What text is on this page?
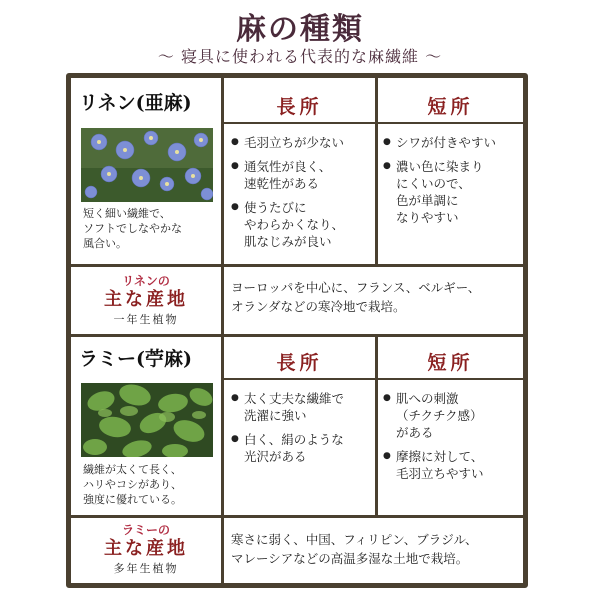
麻の種類
～ 寝具に使われる代表的な麻繊維 ～
リネン(亜麻)
短く細い繊維で、
ソフトでしなやかな
風合い。
長所	短所
● 毛羽立ちが少ない
● 通気性が良く、
速乾性がある
● 使うたびに
やわらかくなり、
肌なじみが良い
● シワが付きやすい
● 濃い色に染まり
にくいので、
色が単調に
なりやすい
リネンの
主な産地
一年生植物
ヨーロッパを中心に、フランス、ベルギー、
オランダなどの寒冷地で栽培。
ラミー(苧麻)
繊維が太くて長く、
ハリやコシがあり、
強度に優れている。
長所	短所
● 太く丈夫な繊維で
洗濯に強い
● 白く、絹のような
光沢がある
● 肌への刺激
（チクチク感）
がある
● 摩擦に対して、
毛羽立ちやすい
ラミーの
主な産地
多年生植物
寒さに弱く、中国、フィリピン、ブラジル、
マレーシアなどの高温多湿な土地で栽培。
